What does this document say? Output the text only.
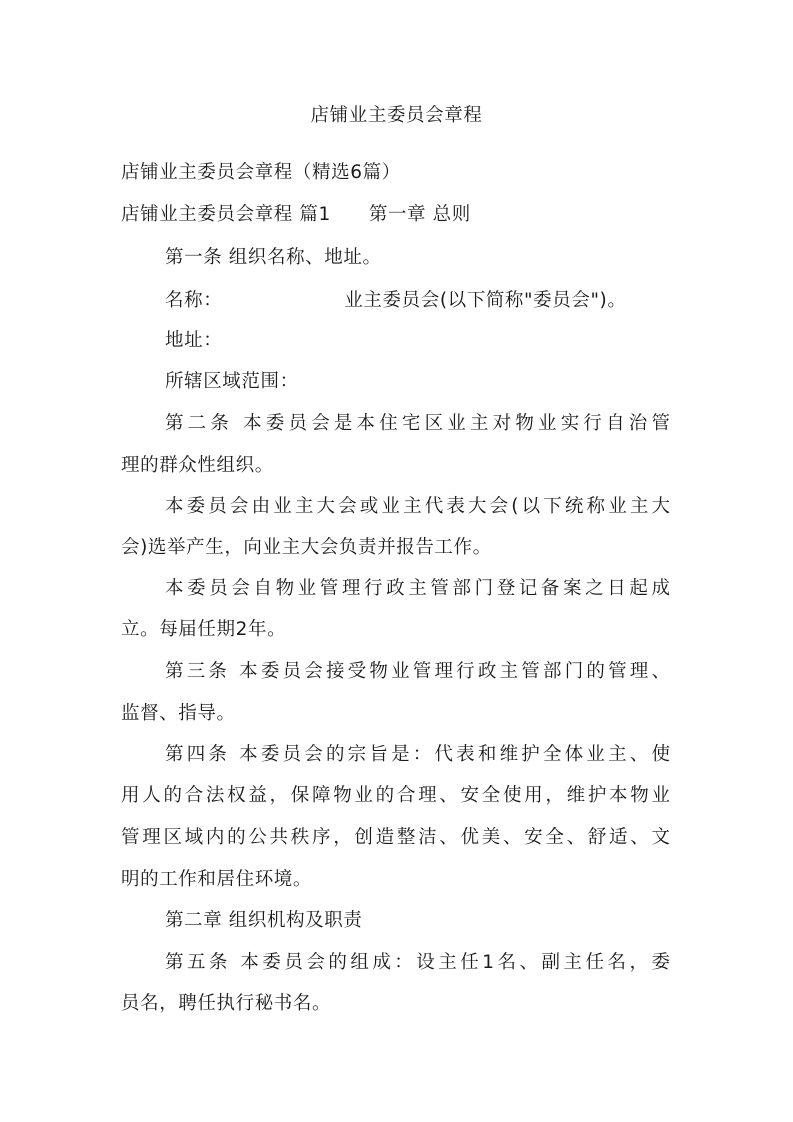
店铺业主委员会章程
店铺业主委员会章程（精选6篇）
店铺业主委员会章程 篇1 第一章 总则
第一条 组织名称、地址。
名称：	业主委员会(以下简称"委员会")。
地址：
所辖区域范围：
第二条 本委员会是本住宅区业主对物业实行自治管
理的群众性组织。
本委员会由业主大会或业主代表大会(以下统称业主大
会)选举产生，向业主大会负责并报告工作。
本委员会自物业管理行政主管部门登记备案之日起成
立。每届任期2年。
第三条 本委员会接受物业管理行政主管部门的管理、
监督、指导。
第四条 本委员会的宗旨是：代表和维护全体业主、使
用人的合法权益，保障物业的合理、安全使用，维护本物业
管理区域内的公共秩序，创造整洁、优美、安全、舒适、文
明的工作和居住环境。
第二章 组织机构及职责
第五条 本委员会的组成：设主任1名、副主任名，委
员名，聘任执行秘书名。
